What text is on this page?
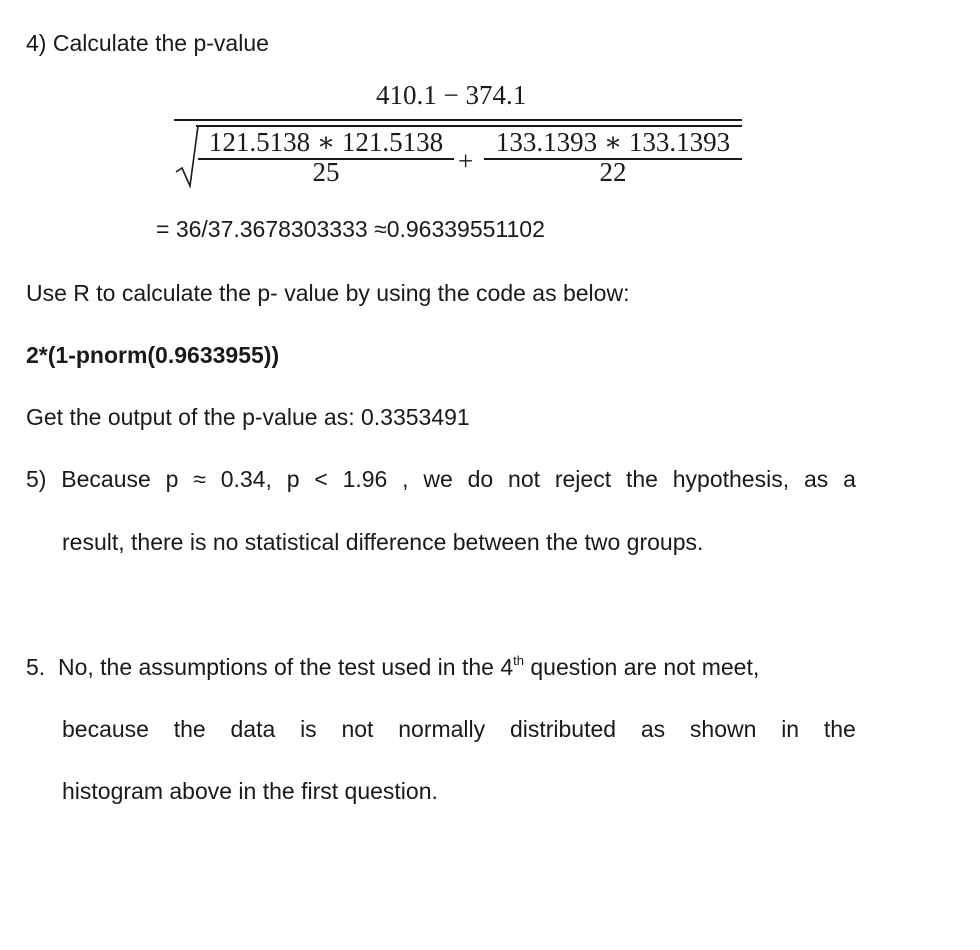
4) Calculate the p-value
410.1 − 374.1
121.5138 ∗ 121.5138
25	+
133.1393 ∗ 133.1393
22
= 36/37.3678303333 ≈0.96339551102
Use R to calculate the p- value by using the code as below:
2*(1-pnorm(0.9633955))
Get the output of the p-value as: 0.3353491
5) Because p ≈ 0.34, p < 1.96 , we do not reject the hypothesis, as a
result, there is no statistical difference between the two groups.
5.  No, the assumptions of the test used in the 4th question are not meet,
because the data is not normally distributed as shown in the
histogram above in the first question.
